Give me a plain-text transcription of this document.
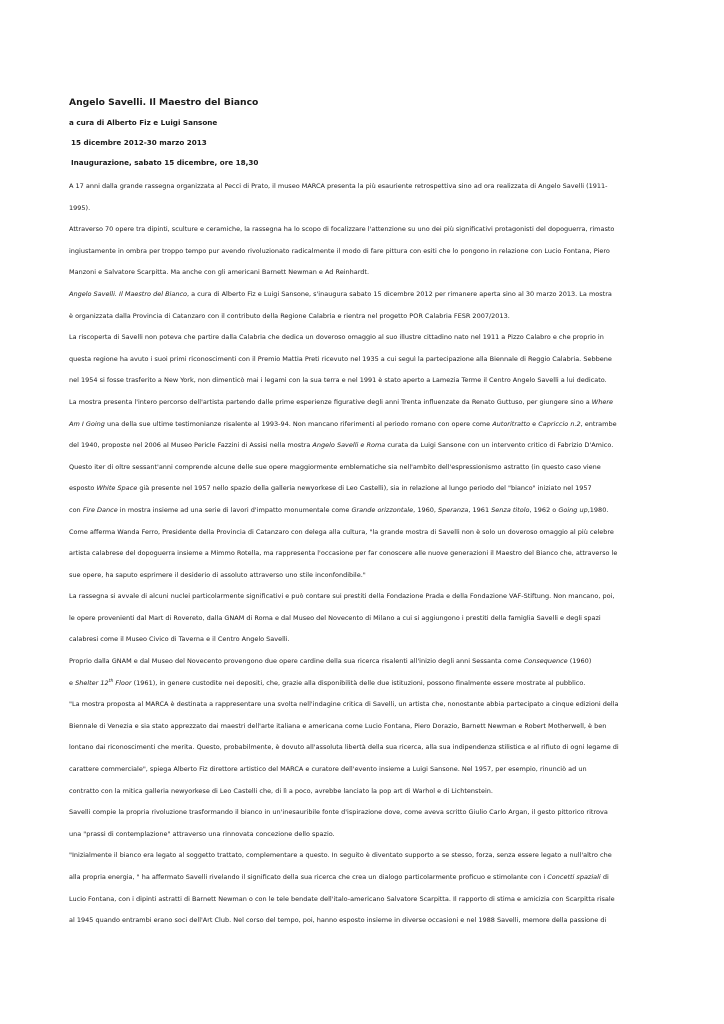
Angelo Savelli. Il Maestro del Bianco
a cura di Alberto Fiz e Luigi Sansone
15 dicembre 2012-30 marzo 2013
Inaugurazione, sabato 15 dicembre, ore 18,30
A 17 anni dalla grande rassegna organizzata al Pecci di Prato, il museo MARCA presenta la più esauriente retrospettiva sino ad ora realizzata di Angelo Savelli (1911-
1995).
Attraverso 70 opere tra dipinti, sculture e ceramiche, la rassegna ha lo scopo di focalizzare l'attenzione su uno dei più significativi protagonisti del dopoguerra, rimasto
ingiustamente in ombra per troppo tempo pur avendo rivoluzionato radicalmente il modo di fare pittura con esiti che lo pongono in relazione con Lucio Fontana, Piero
Manzoni e Salvatore Scarpitta. Ma anche con gli americani Barnett Newman e Ad Reinhardt.
Angelo Savelli. Il Maestro del Bianco, a cura di Alberto Fiz e Luigi Sansone, s'inaugura sabato 15 dicembre 2012 per rimanere aperta sino al 30 marzo 2013. La mostra
è organizzata dalla Provincia di Catanzaro con il contributo della Regione Calabria e rientra nel progetto POR Calabria FESR 2007/2013.
La riscoperta di Savelli non poteva che partire dalla Calabria che dedica un doveroso omaggio al suo illustre cittadino nato nel 1911 a Pizzo Calabro e che proprio in
questa regione ha avuto i suoi primi riconoscimenti con il Premio Mattia Preti ricevuto nel 1935 a cui seguì la partecipazione alla Biennale di Reggio Calabria. Sebbene
nel 1954 si fosse trasferito a New York, non dimenticò mai i legami con la sua terra e nel 1991 è stato aperto a Lamezia Terme il Centro Angelo Savelli a lui dedicato.
La mostra presenta l'intero percorso dell'artista partendo dalle prime esperienze figurative degli anni Trenta influenzate da Renato Guttuso, per giungere sino a Where
Am I Going una della sue ultime testimonianze risalente al 1993-94. Non mancano riferimenti al periodo romano con opere come Autoritratto e Capriccio n.2, entrambe
del 1940, proposte nel 2006 al Museo Pericle Fazzini di Assisi nella mostra Angelo Savelli e Roma curata da Luigi Sansone con un intervento critico di Fabrizio D'Amico.
Questo iter di oltre sessant'anni comprende alcune delle sue opere maggiormente emblematiche sia nell'ambito dell'espressionismo astratto (in questo caso viene
esposto White Space già presente nel 1957 nello spazio della galleria newyorkese di Leo Castelli), sia in relazione al lungo periodo del "bianco" iniziato nel 1957
con Fire Dance in mostra insieme ad una serie di lavori d'impatto monumentale come Grande orizzontale, 1960, Speranza, 1961 Senza titolo, 1962 o Going up,1980.
Come afferma Wanda Ferro, Presidente della Provincia di Catanzaro con delega alla cultura, "la grande mostra di Savelli non è solo un doveroso omaggio al più celebre
artista calabrese del dopoguerra insieme a Mimmo Rotella, ma rappresenta l'occasione per far conoscere alle nuove generazioni il Maestro del Bianco che, attraverso le
sue opere, ha saputo esprimere il desiderio di assoluto attraverso uno stile inconfondibile."
La rassegna si avvale di alcuni nuclei particolarmente significativi e può contare sui prestiti della Fondazione Prada e della Fondazione VAF-Stiftung. Non mancano, poi,
le opere provenienti dal Mart di Rovereto, dalla GNAM di Roma e dal Museo del Novecento di Milano a cui si aggiungono i prestiti della famiglia Savelli e degli spazi
calabresi come il Museo Civico di Taverna e il Centro Angelo Savelli.
Proprio dalla GNAM e dal Museo del Novecento provengono due opere cardine della sua ricerca risalenti all'inizio degli anni Sessanta come Consequence (1960)
e Shelter 12th Floor (1961), in genere custodite nei depositi, che, grazie alla disponibilità delle due istituzioni, possono finalmente essere mostrate al pubblico.
"La mostra proposta al MARCA è destinata a rappresentare una svolta nell'indagine critica di Savelli, un artista che, nonostante abbia partecipato a cinque edizioni della
Biennale di Venezia e sia stato apprezzato dai maestri dell'arte italiana e americana come Lucio Fontana, Piero Dorazio, Barnett Newman e Robert Motherwell, è ben
lontano dai riconoscimenti che merita. Questo, probabilmente, è dovuto all'assoluta libertà della sua ricerca, alla sua indipendenza stilistica e al rifiuto di ogni legame di
carattere commerciale", spiega Alberto Fiz direttore artistico del MARCA e curatore dell'evento insieme a Luigi Sansone. Nel 1957, per esempio, rinunciò ad un
contratto con la mitica galleria newyorkese di Leo Castelli che, di lì a poco, avrebbe lanciato la pop art di Warhol e di Lichtenstein.
Savelli compie la propria rivoluzione trasformando il bianco in un'inesauribile fonte d'ispirazione dove, come aveva scritto Giulio Carlo Argan, il gesto pittorico ritrova
una "prassi di contemplazione" attraverso una rinnovata concezione dello spazio.
"Inizialmente il bianco era legato al soggetto trattato, complementare a questo. In seguito è diventato supporto a se stesso, forza, senza essere legato a null'altro che
alla propria energia, " ha affermato Savelli rivelando il significato della sua ricerca che crea un dialogo particolarmente proficuo e stimolante con i Concetti spaziali di
Lucio Fontana, con i dipinti astratti di Barnett Newman o con le tele bendate dell'italo-americano Salvatore Scarpitta. Il rapporto di stima e amicizia con Scarpitta risale
al 1945 quando entrambi erano soci dell'Art Club. Nel corso del tempo, poi, hanno esposto insieme in diverse occasioni e nel 1988 Savelli, memore della passione di
